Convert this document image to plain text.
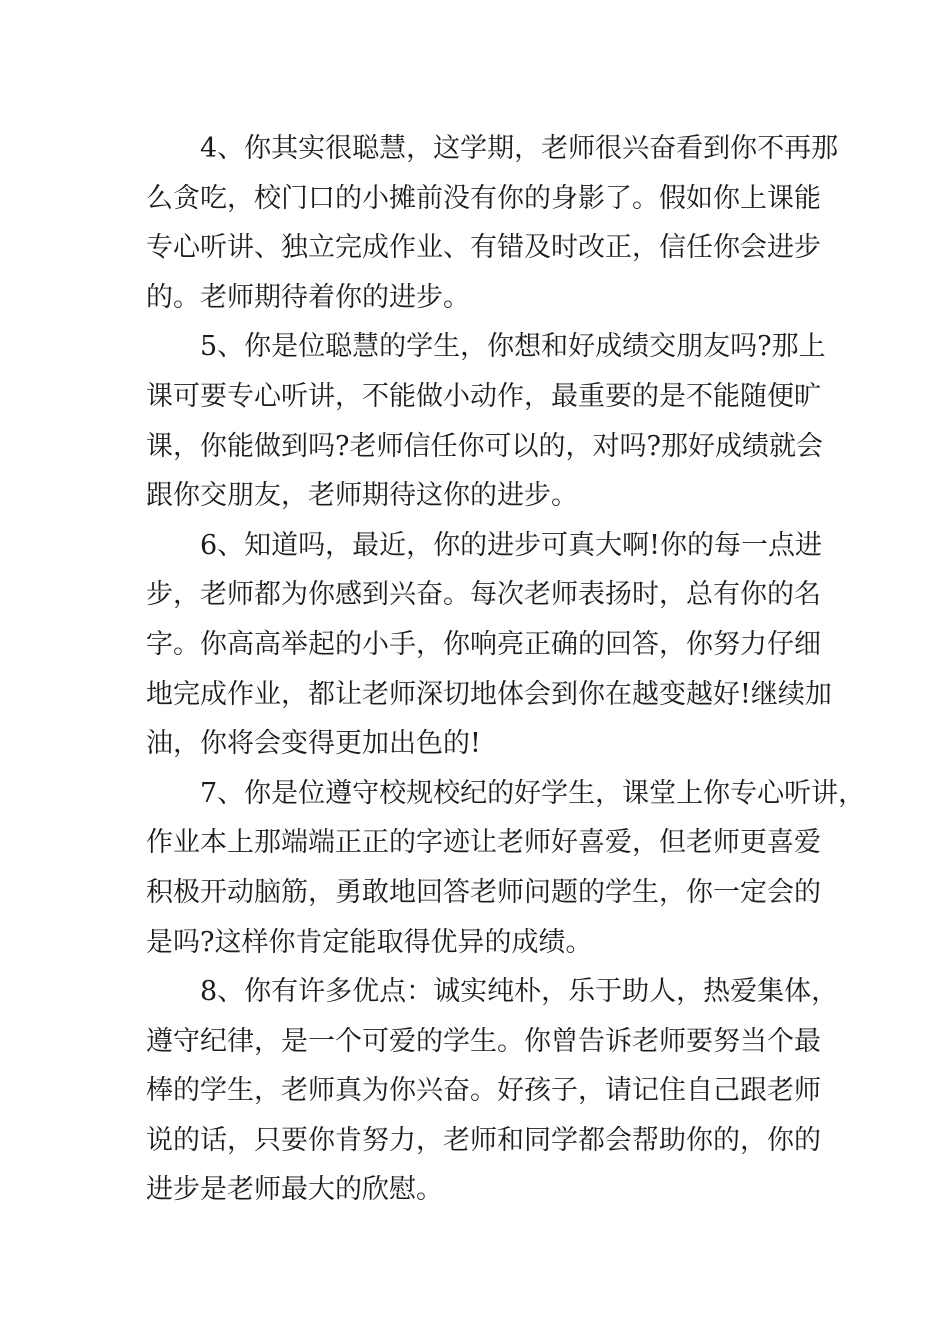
4、你其实很聪慧，这学期，老师很兴奋看到你不再那
么贪吃，校门口的小摊前没有你的身影了。假如你上课能
专心听讲、独立完成作业、有错及时改正，信任你会进步
的。老师期待着你的进步。

5、你是位聪慧的学生，你想和好成绩交朋友吗?那上
课可要专心听讲，不能做小动作，最重要的是不能随便旷
课，你能做到吗?老师信任你可以的，对吗?那好成绩就会
跟你交朋友，老师期待这你的进步。

6、知道吗，最近，你的进步可真大啊!你的每一点进
步，老师都为你感到兴奋。每次老师表扬时，总有你的名
字。你高高举起的小手，你响亮正确的回答，你努力仔细
地完成作业，都让老师深切地体会到你在越变越好!继续加
油，你将会变得更加出色的!

7、你是位遵守校规校纪的好学生，课堂上你专心听讲，
作业本上那端端正正的字迹让老师好喜爱，但老师更喜爱
积极开动脑筋，勇敢地回答老师问题的学生，你一定会的
是吗?这样你肯定能取得优异的成绩。

8、你有许多优点：诚实纯朴，乐于助人，热爱集体，
遵守纪律，是一个可爱的学生。你曾告诉老师要努当个最
棒的学生，老师真为你兴奋。好孩子，请记住自己跟老师
说的话，只要你肯努力，老师和同学都会帮助你的，你的
进步是老师最大的欣慰。
